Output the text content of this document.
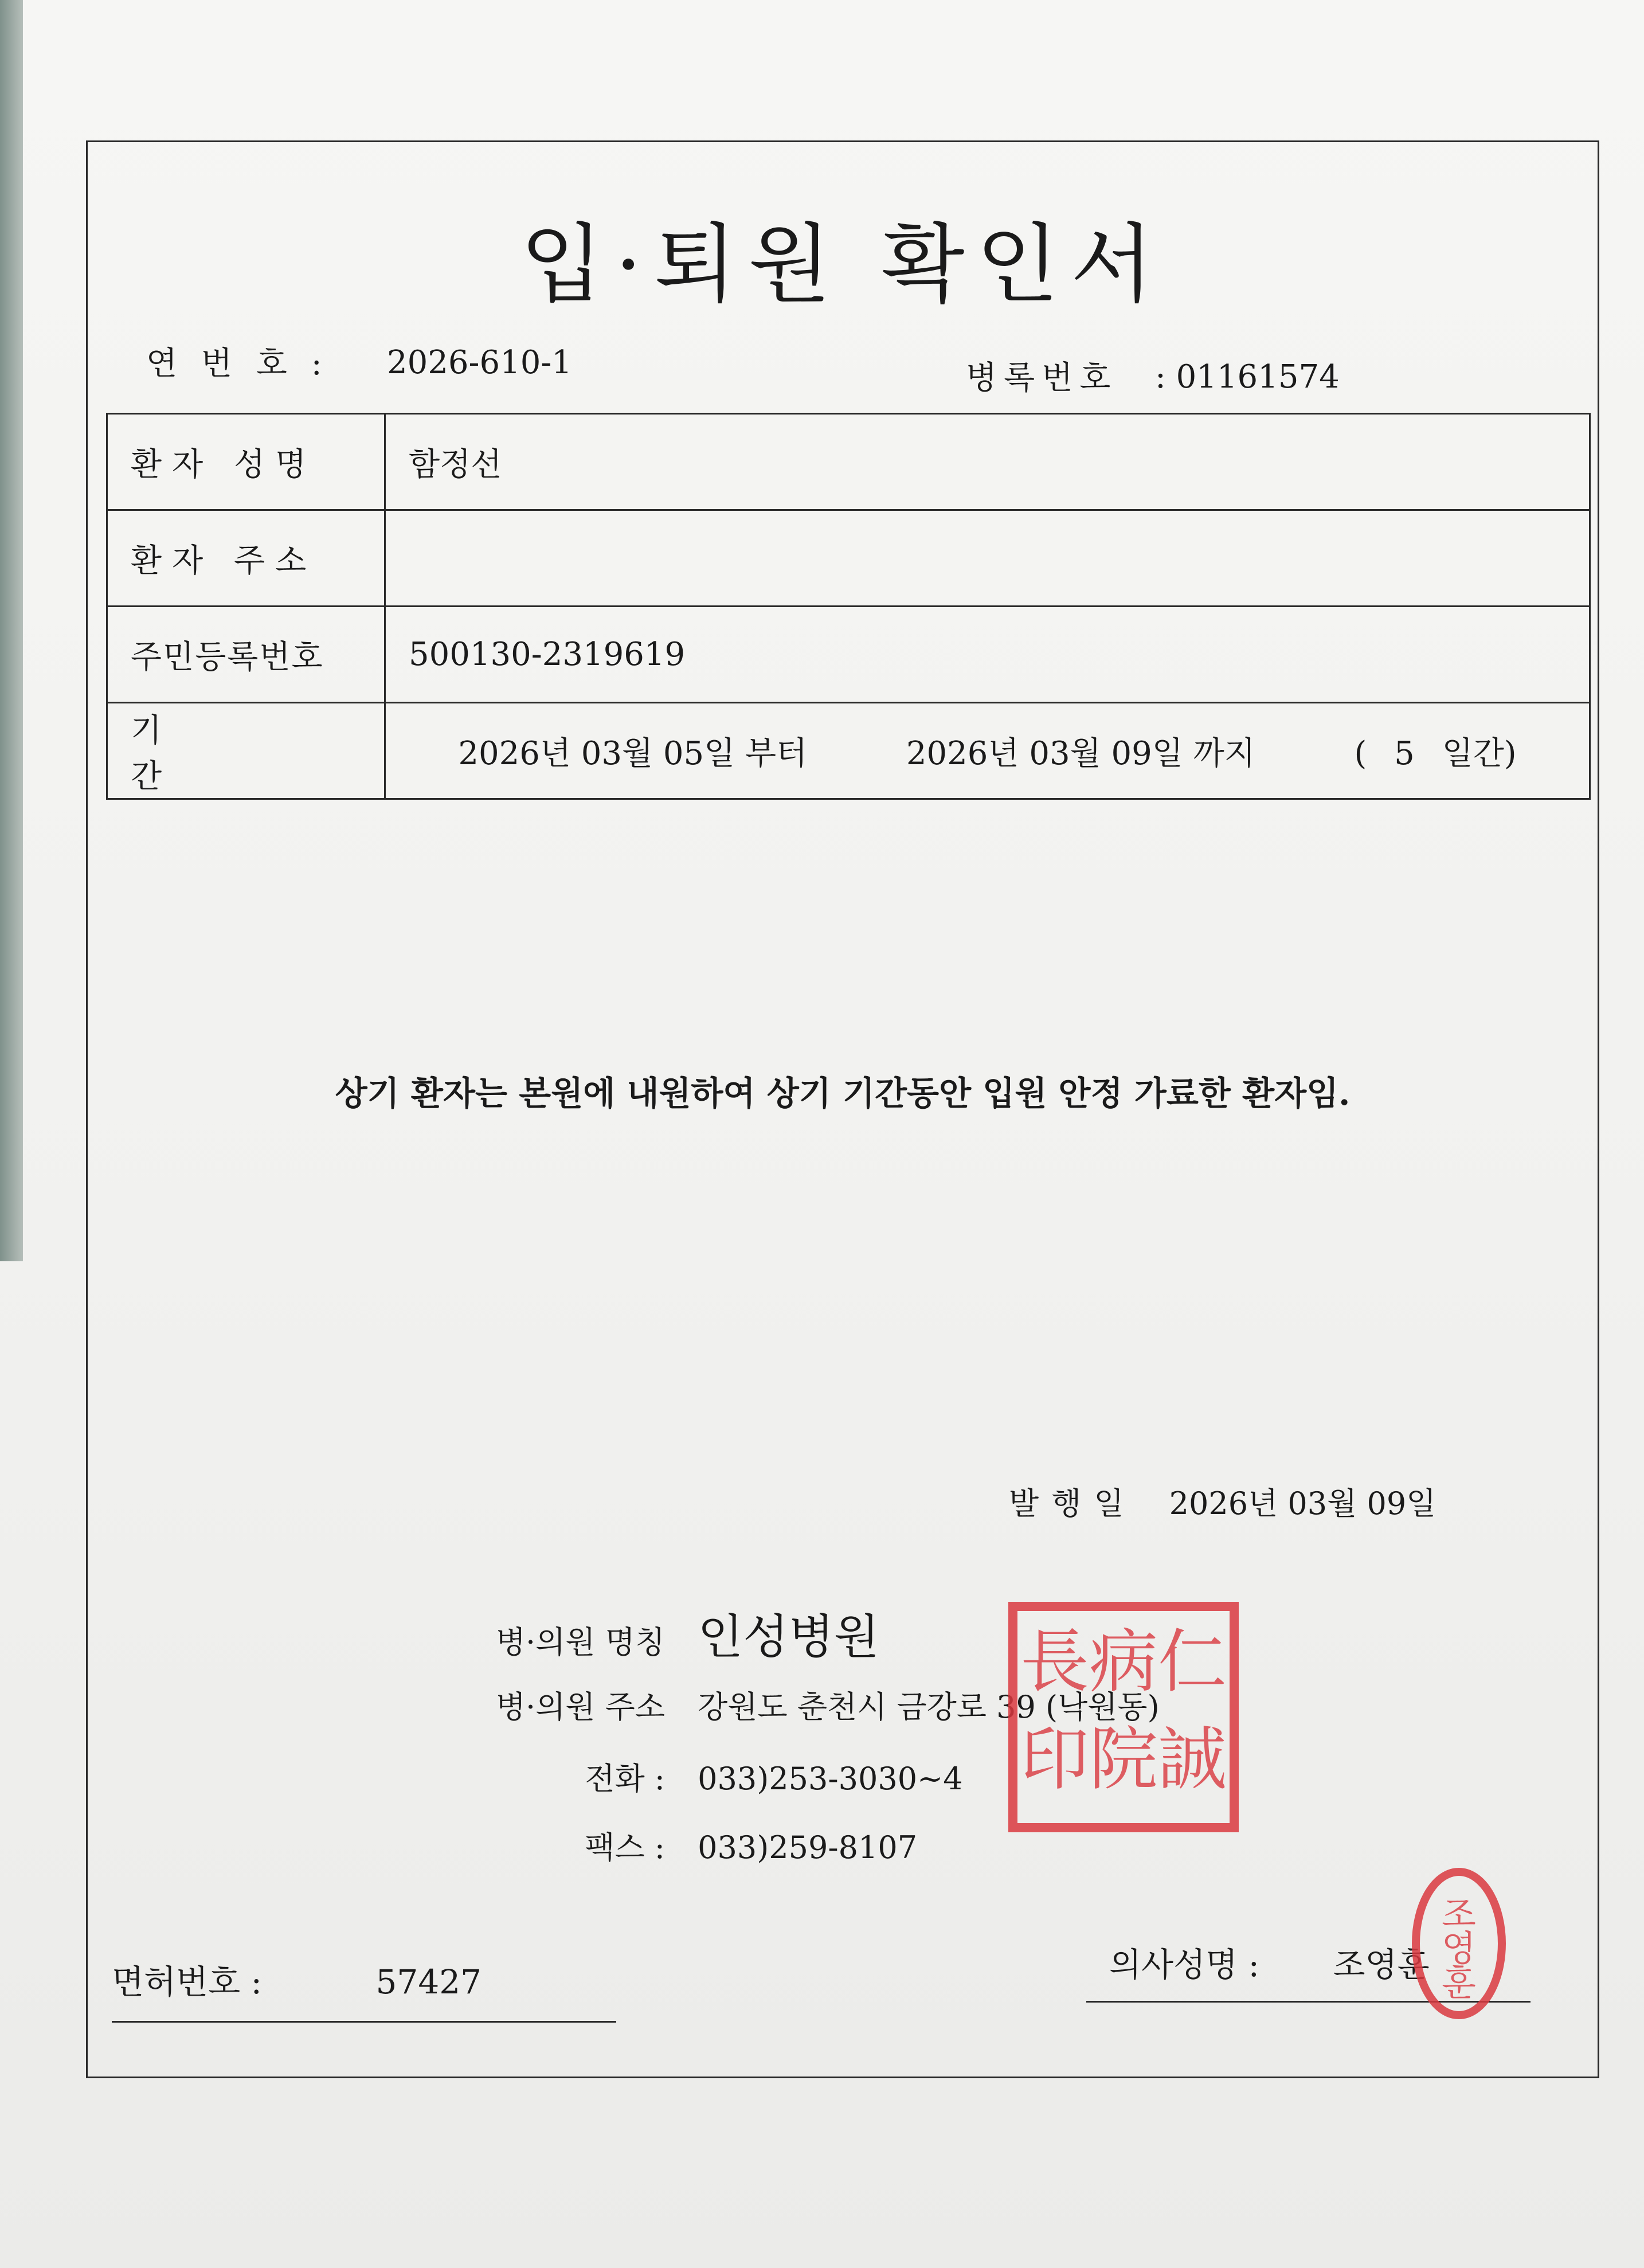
입·퇴원 확인서
연 번 호 : 2026-610-1	병록번호 : 01161574
환자 성명	함정선
환자 주소	
주민등록번호	500130-2319619
기 간	2026년 03월 05일 부터 2026년 03월 09일 까지 ( 5 일간)
상기 환자는 본원에 내원하여 상기 기간동안 입원 안정 가료한 환자임.
발행일 2026년 03월 09일
병·의원 명칭 인성병원
병·의원 주소 강원도 춘천시 금강로 39 (낙원동)
전화 : 033)253-3030~4
팩스 : 033)259-8107
長病仁
印院誠
면허번호 :	57427	의사성명 : 조영훈
조
영
훈
